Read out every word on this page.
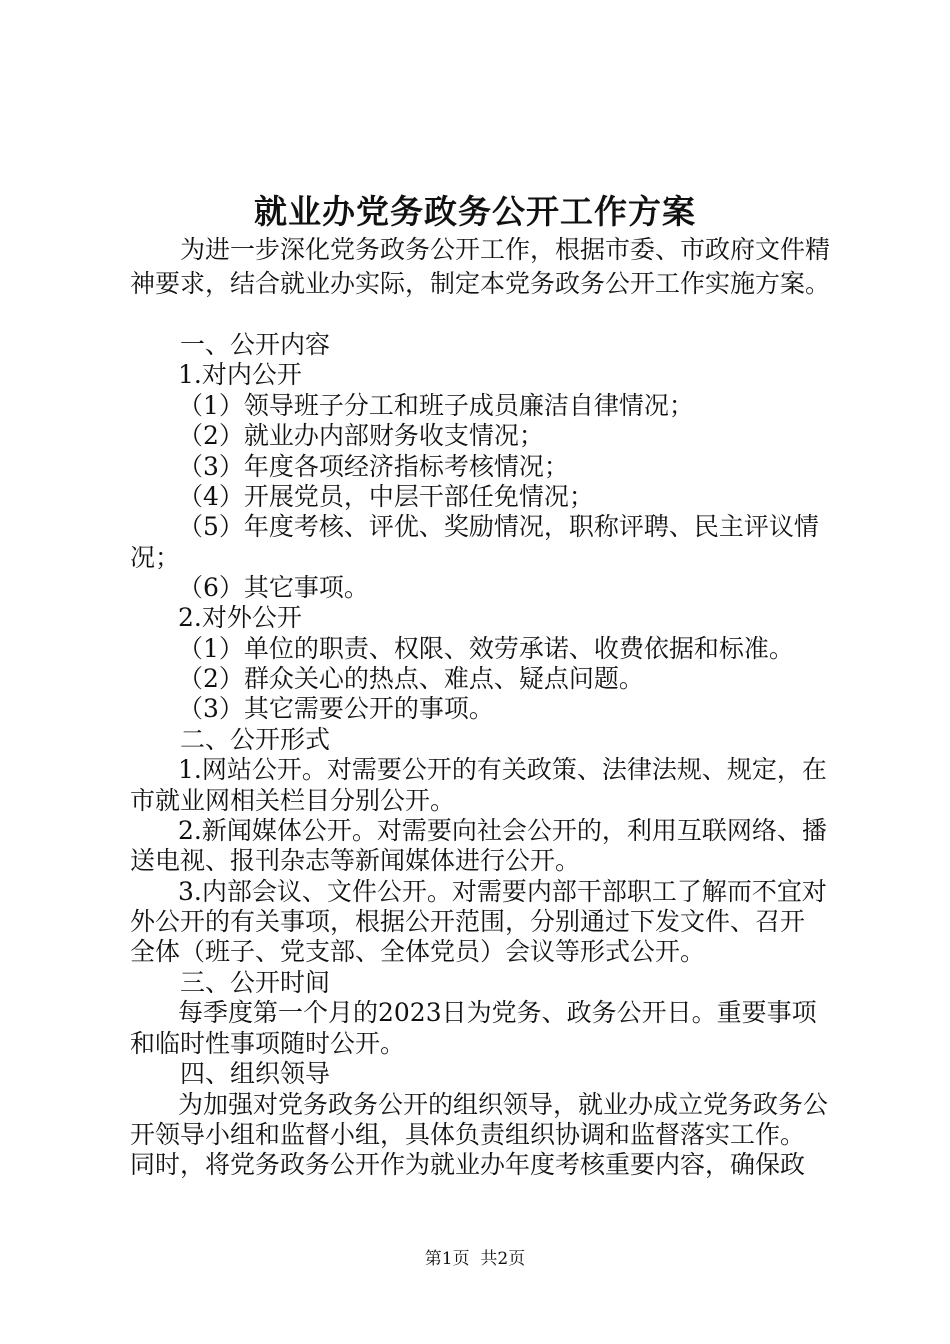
就业办党务政务公开工作方案
为进一步深化党务政务公开工作，根据市委、市政府文件精
神要求，结合就业办实际，制定本党务政务公开工作实施方案。
一、公开内容
1.对内公开
（1）领导班子分工和班子成员廉洁自律情况；
（2）就业办内部财务收支情况；
（3）年度各项经济指标考核情况；
（4）开展党员，中层干部任免情况；
（5）年度考核、评优、奖励情况，职称评聘、民主评议情
况；
（6）其它事项。
2.对外公开
（1）单位的职责、权限、效劳承诺、收费依据和标准。
（2）群众关心的热点、难点、疑点问题。
（3）其它需要公开的事项。
二、公开形式
1.网站公开。对需要公开的有关政策、法律法规、规定，在
市就业网相关栏目分别公开。
2.新闻媒体公开。对需要向社会公开的，利用互联网络、播
送电视、报刊杂志等新闻媒体进行公开。
3.内部会议、文件公开。对需要内部干部职工了解而不宜对
外公开的有关事项，根据公开范围，分别通过下发文件、召开
全体（班子、党支部、全体党员）会议等形式公开。
三、公开时间
每季度第一个月的2023日为党务、政务公开日。重要事项
和临时性事项随时公开。
四、组织领导
为加强对党务政务公开的组织领导，就业办成立党务政务公
开领导小组和监督小组，具体负责组织协调和监督落实工作。
同时，将党务政务公开作为就业办年度考核重要内容，确保政
第1页  共2页
